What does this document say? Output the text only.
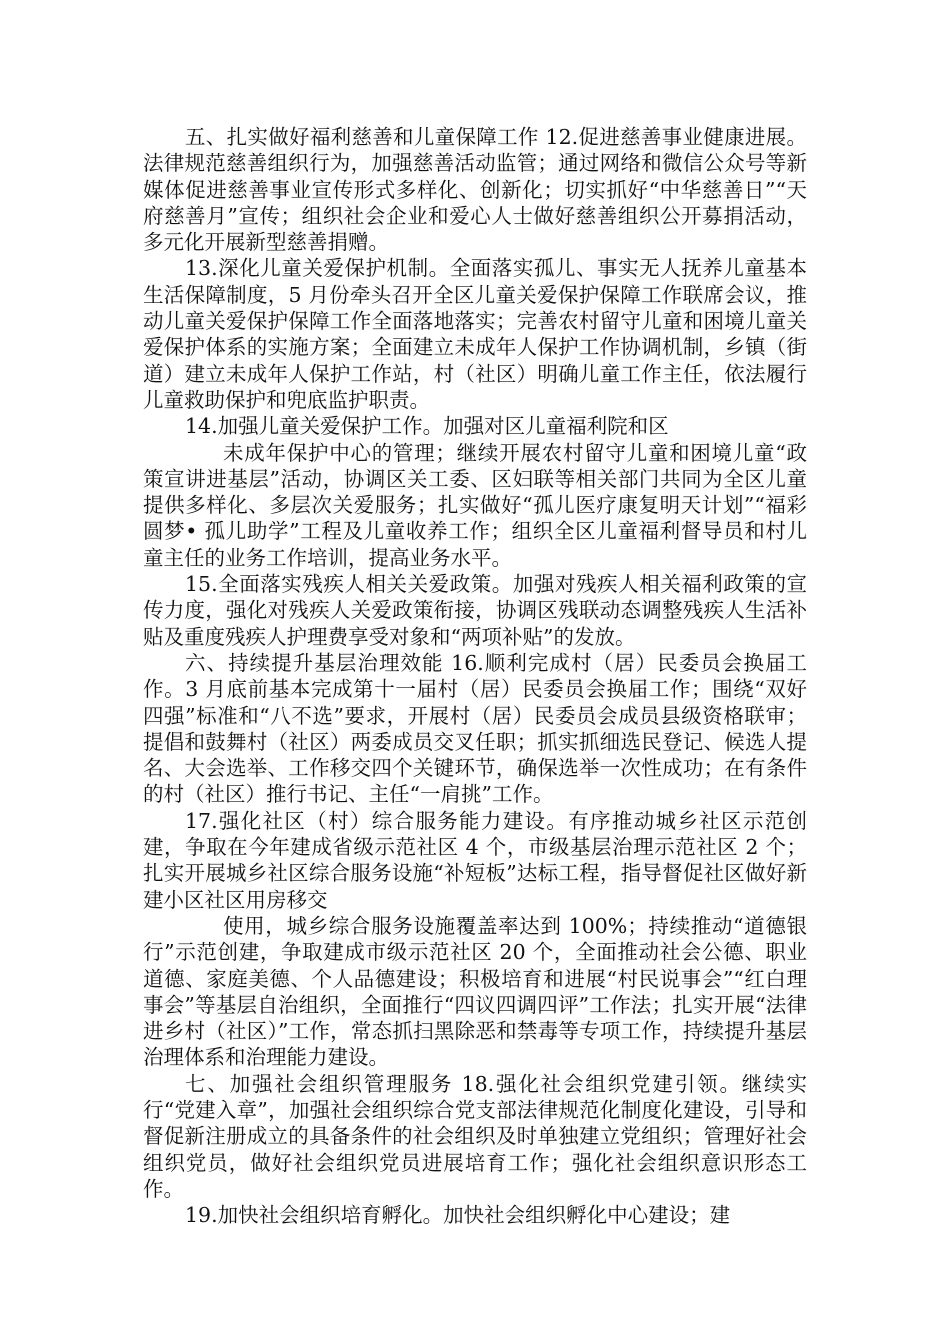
五、扎实做好福利慈善和儿童保障工作 12.促进慈善事业健康进展。法律规范慈善组织行为，加强慈善活动监管；通过网络和微信公众号等新媒体促进慈善事业宣传形式多样化、创新化；切实抓好“中华慈善日”“天府慈善月”宣传；组织社会企业和爱心人士做好慈善组织公开募捐活动，多元化开展新型慈善捐赠。

13.深化儿童关爱保护机制。全面落实孤儿、事实无人抚养儿童基本生活保障制度，5 月份牵头召开全区儿童关爱保护保障工作联席会议，推动儿童关爱保护保障工作全面落地落实；完善农村留守儿童和困境儿童关爱保护体系的实施方案；全面建立未成年人保护工作协调机制，乡镇（街道）建立未成年人保护工作站，村（社区）明确儿童工作主任，依法履行儿童救助保护和兜底监护职责。

14.加强儿童关爱保护工作。加强对区儿童福利院和区

未成年保护中心的管理；继续开展农村留守儿童和困境儿童“政策宣讲进基层”活动，协调区关工委、区妇联等相关部门共同为全区儿童提供多样化、多层次关爱服务；扎实做好“孤儿医疗康复明天计划”“福彩圆梦• 孤儿助学”工程及儿童收养工作；组织全区儿童福利督导员和村儿童主任的业务工作培训，提高业务水平。

15.全面落实残疾人相关关爱政策。加强对残疾人相关福利政策的宣传力度，强化对残疾人关爱政策衔接，协调区残联动态调整残疾人生活补贴及重度残疾人护理费享受对象和“两项补贴”的发放。

六、持续提升基层治理效能 16.顺利完成村（居）民委员会换届工作。3 月底前基本完成第十一届村（居）民委员会换届工作；围绕“双好四强”标准和“八不选”要求，开展村（居）民委员会成员县级资格联审；提倡和鼓舞村（社区）两委成员交叉任职；抓实抓细选民登记、候选人提名、大会选举、工作移交四个关键环节，确保选举一次性成功；在有条件的村（社区）推行书记、主任“一肩挑”工作。

17.强化社区（村）综合服务能力建设。有序推动城乡社区示范创建，争取在今年建成省级示范社区 4 个，市级基层治理示范社区 2 个；扎实开展城乡社区综合服务设施“补短板”达标工程，指导督促社区做好新建小区社区用房移交

使用，城乡综合服务设施覆盖率达到 100%；持续推动“道德银行”示范创建，争取建成市级示范社区 20 个，全面推动社会公德、职业道德、家庭美德、个人品德建设；积极培育和进展“村民说事会”“红白理事会”等基层自治组织，全面推行“四议四调四评”工作法；扎实开展“法律进乡村（社区）”工作，常态抓扫黑除恶和禁毒等专项工作，持续提升基层治理体系和治理能力建设。

七、加强社会组织管理服务 18.强化社会组织党建引领。继续实行“党建入章”，加强社会组织综合党支部法律规范化制度化建设，引导和督促新注册成立的具备条件的社会组织及时单独建立党组织；管理好社会组织党员，做好社会组织党员进展培育工作；强化社会组织意识形态工作。

19.加快社会组织培育孵化。加快社会组织孵化中心建设；建
